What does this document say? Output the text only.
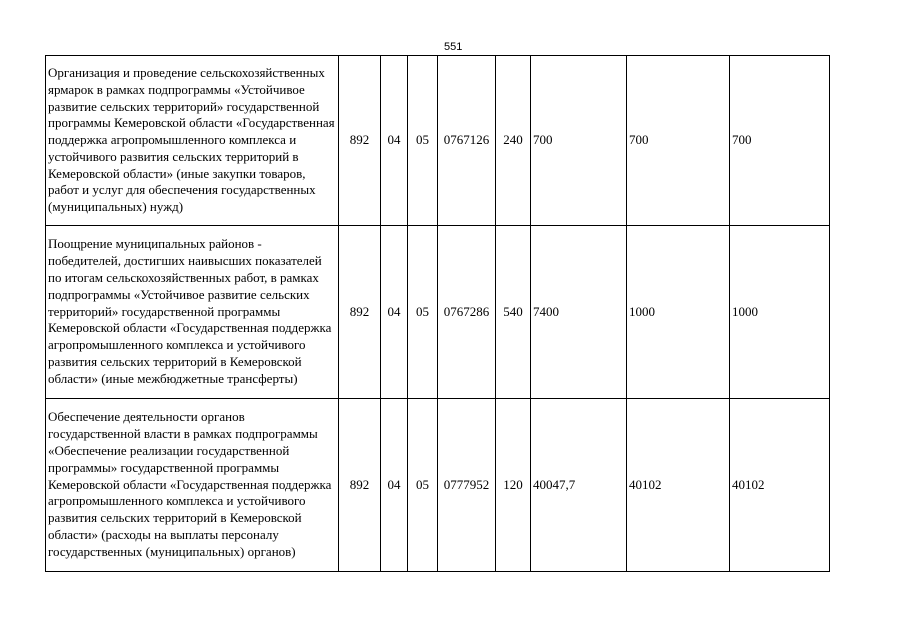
551
Организация и проведение сельскохозяйственных ярмарок в рамках подпрограммы «Устойчивое развитие сельских территорий» государственной программы Кемеровской области «Государственная поддержка агропромышленного комплекса и устойчивого развития сельских территорий в Кемеровской области» (иные закупки товаров, работ и услуг для обеспечения государственных (муниципальных) нужд)	892	04	05	0767126	240	700	700	700
Поощрение муниципальных районов - победителей, достигших наивысших показателей по итогам сельскохозяйственных работ, в рамках подпрограммы «Устойчивое развитие сельских территорий» государственной программы Кемеровской области «Государственная поддержка агропромышленного комплекса и устойчивого развития сельских территорий в Кемеровской области» (иные межбюджетные трансферты)	892	04	05	0767286	540	7400	1000	1000
Обеспечение деятельности органов государственной власти в рамках подпрограммы «Обеспечение реализации государственной программы» государственной программы Кемеровской области «Государственная поддержка агропромышленного комплекса и устойчивого развития сельских территорий в Кемеровской области» (расходы на выплаты персоналу государственных (муниципальных) органов)	892	04	05	0777952	120	40047,7	40102	40102
